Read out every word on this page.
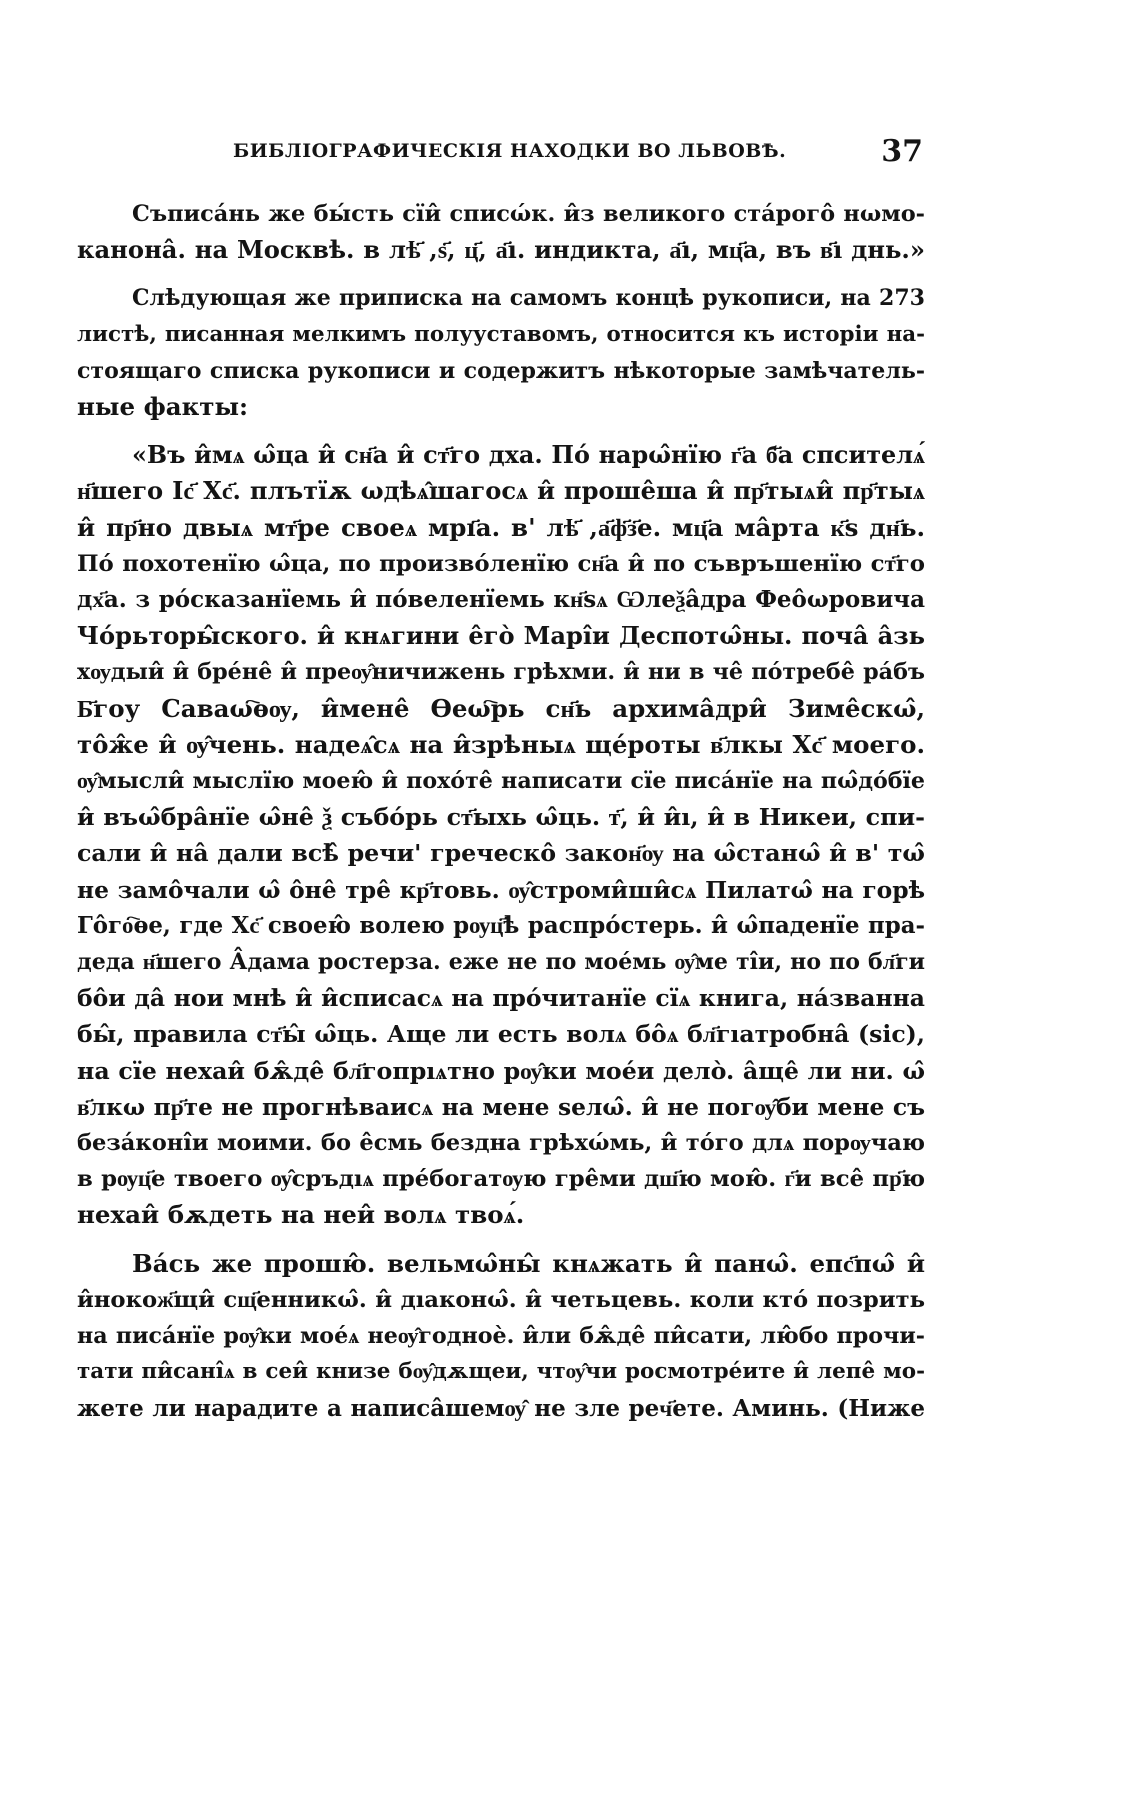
БИБЛІОГРАФИЧЕСКІЯ НАХОДКИ ВО ЛЬВОВѢ.	37
Съписа́нь же бы́сть сїи̂ списώк. и̂з великого ста́рого̂ нωмо-
канона̂. на Москвѣ. в лѣ҃ ,ѕ҃, ц҃, а҃ı. индикта, а҃ı, мц҃а, въ в҃ı днь.»
Слѣдующая же приписка на самомъ концѣ рукописи, на 273
листѣ, писанная мелкимъ полууставомъ, относится къ исторіи на-
стоящаго списка рукописи и содержитъ нѣкоторые замѣчатель-
ные факты:
«Въ и̂мѧ ω̂ца и̂ сн҃а и̂ ст҃го дха. Пó нарω̂нïю г҃а б҃а спсителѧ́
н҃шего Іс҃ Хс҃. плътïѫ ωдѣѧ̂шагосѧ и̂ проше̂ша и̂ пр҃тыѧи̂ пр҃тыѧ
и̂ пр҃но двыѧ мт҃ре своеѧ мрı҃а. в' лѣ҃ ,а҃ф҃з҃е. мц҃а ма̂рта к҃ѕ дн҃ь.
Пó похотенïю ω̂ца, по произвóленïю сн҃а и̂ по съвръшенïю ст҃го
дх҃а. з рóсказанïемь и̂ пóвеленïемь кн҃ѕѧ Ѡлеѯа̂дра Фео̂ωровича
Чóрьторы̂ского. и̂ кнѧгини е̂гò Марı̂и Деспотω̂ны. поча̂ а̂зь
хѹдыи̂ и̂ брéне̂ и̂ преѹ̂ничижень грѣхми. и̂ ни в че̂ пóтребе̂ рáбъ
Б҃гоу Саваω҇ѳѹ, и̂мене̂ Ѳеω҇рь сн҃ь архима̂дри̂ Зиме̂скω̂,
то̂ж̂е и̂ ѹ̂чень. надеѧ̂сѧ на и̂зрѣныѧ щéроты в҃лкы Хс҃ моего.
ѹ̂мысли̂ мыслïю моею̂ и̂ похóте̂ написати сïе писа́нïе на пω̂дóбïе
и̂ въω̂бра̂нïе ω̂не̂ ѯ събóрь ст҃ыхь ω̂ць. т҃, и̂ и̂ı, и̂ в Никеи, спи-
сали и̂ на̂ дали всѣ̂ речи' греческо̂ закон҃ѹ на ω̂станω̂ и̂ в' тω̂
не замо̂чали ω̂ о̂не̂ тре̂ кр҃товь. ѹ̂строми̂ши̂сѧ Пилатω̂ на горѣ
Го̂го҇ѳе, где Хс҃ своею̂ волею рѹц҃ѣ распрóстерь. и̂ ω̂паденïе пра-
деда н҃шего А̂дама ростерза. еже не по моéмь ѹ̂ме тı̂и, но по бл҃ги
бо̂и да̂ нои мнѣ и̂ и̂списасѧ на прóчитанïе сïѧ книга, на́званна
бы̂, правила ст҃ы̂ ω̂ць. Аще ли есть волѧ бо̂ѧ бл҃гıатробна̂ (sic),
на сïе нехаи̂ бѫ̂де̂ бл҃гопрıѧтно рѹ̂ки моéи делò. а̂ще̂ ли ни. ω̂
в҃лкω пр҃те не прогнѣваисѧ на мене ѕелω̂. и̂ не погѹ̂би мене съ
беза́конı̂и моими. бо е̂смь бездна грѣхώмь, и̂ тóго длѧ порѹчаю
в рѹц҃е твоего ѹ̂сръдıѧ прéбогатѹю гре̂ми дш҃ю мою̂. г҃и все̂ пр҃ю
нехаи̂ бѫдеть на неи̂ волѧ твоѧ́.
Ва́сь же прошю̂. вельмω̂ны̂ кнѧжать и̂ панω̂. епс҃пω̂ и̂
и̂нокож҃щи̂ сщ҃енникω̂. и̂ дıаконω̂. и̂ четьцевь. коли ктó позрить
на писа́нïе рѹ̂ки моéѧ неѹ̂годноè. и̂ли бѫ̂де̂ пи̂сати, лю̂бо прочи-
тати пи̂санı̂ѧ в сеи̂ книзе бѹ̂дѫщеи, чтѹ̂чи росмотрéите и̂ лепе̂ мо-
жете ли нарадите а написа̂шемѹ̂ не зле реч҃ете. Аминь. (Ниже
